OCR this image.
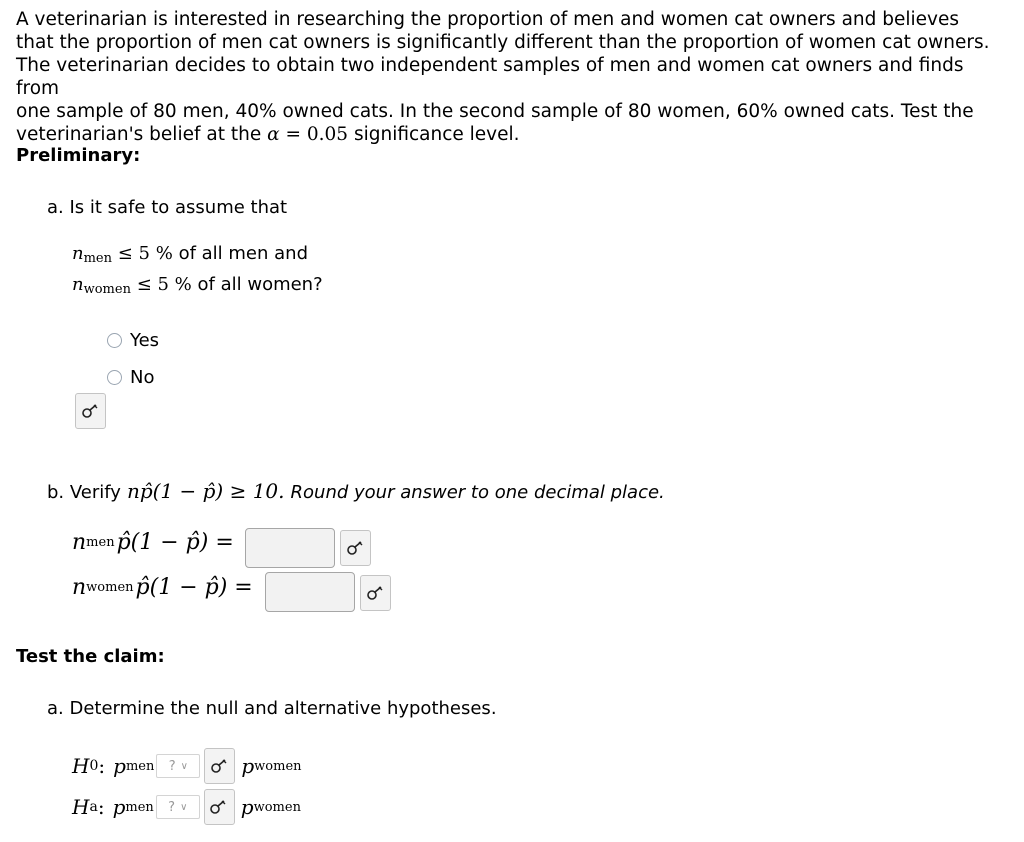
A veterinarian is interested in researching the proportion of men and women cat owners and believes
that the proportion of men cat owners is significantly different than the proportion of women cat owners.
The veterinarian decides to obtain two independent samples of men and women cat owners and finds from
one sample of 80 men, 40% owned cats. In the second sample of 80 women, 60% owned cats. Test the
veterinarian's belief at the α = 0.05 significance level.
Preliminary:
a. Is it safe to assume that
$n_{men} \le 5$ % of all men and
$n_{women} \le 5$ % of all women?
Yes
No
b. Verify np̂(1 − p̂) ≥ 10. Round your answer to one decimal place.
n men p̂(1 − p̂) =
n women p̂(1 − p̂) =
Test the claim:
a. Determine the null and alternative hypotheses.
H 0 : p men ? ∨	p women
H a : p men ? ∨	p women
